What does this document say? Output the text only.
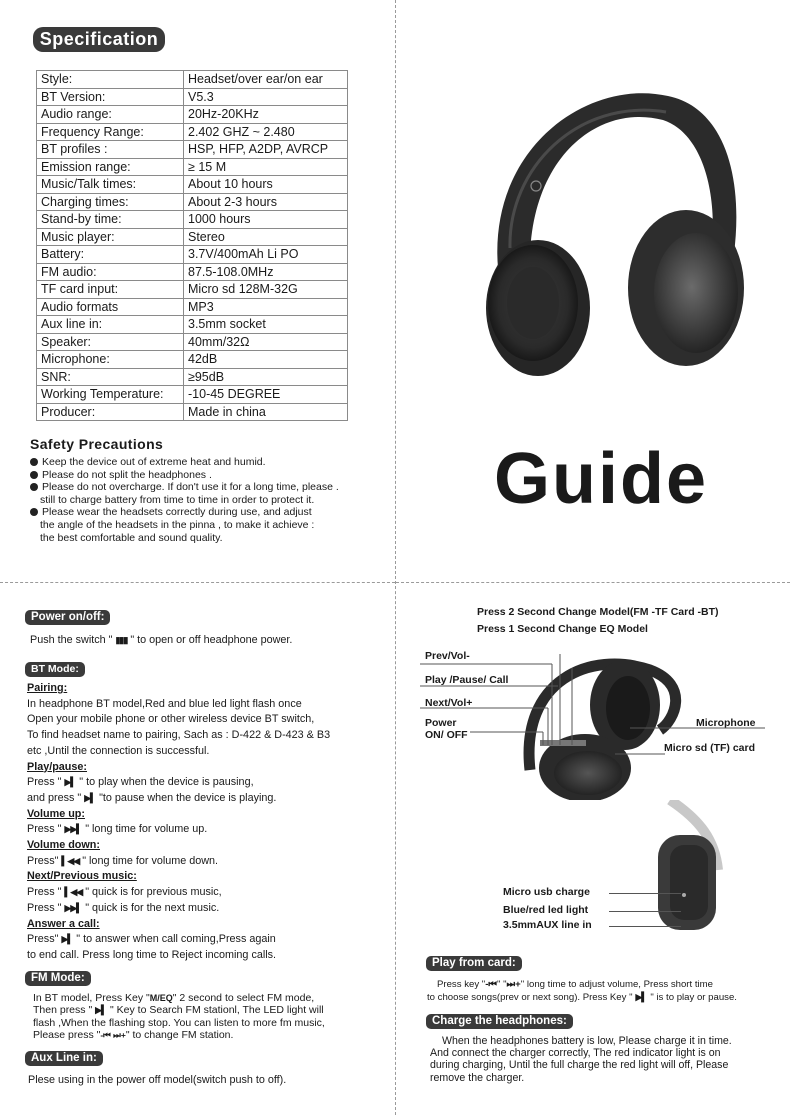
Specification
Style:	Headset/over ear/on ear
BT Version:	V5.3
Audio range:	20Hz-20KHz
Frequency Range:	2.402 GHZ ~ 2.480
BT profiles :	HSP, HFP, A2DP, AVRCP
Emission range:	≥ 15 M
Music/Talk times:	About 10 hours
Charging times:	About 2-3 hours
Stand-by time:	1000 hours
Music player:	Stereo
Battery:	3.7V/400mAh Li PO
FM audio:	87.5-108.0MHz
TF card input:	Micro sd 128M-32G
Audio formats	MP3
Aux line in:	3.5mm socket
Speaker:	40mm/32Ω
Microphone:	42dB
SNR:	≥95dB
Working Temperature:	-10-45 DEGREE
Producer:	Made in china
Safety Precautions
Keep the device out of extreme heat and humid.
Please do not split the headphones .
Please do not overcharge. If don't use it for a long time, please .
still to charge battery from time to time in order to protect it.
Please wear the headsets correctly during use, and adjust
the angle of the headsets in the pinna , to make it achieve :
the best comfortable and sound quality.
Guide
Power on/off:
Push the switch " ▮▮▮ " to open or off headphone power.
BT Mode:
Pairing:
In headphone BT model,Red and blue led light flash once
Open your mobile phone or other wireless device BT switch,
To find headset name to pairing, Sach as : D-422 & D-423 & B3
etc ,Until the connection is successful.
Play/pause:
Press " ▶▍ " to play when the device is pausing,
and press " ▶▍ "to pause when the device is playing.
Volume up:
Press " ▶▶▍ " long time for volume up.
Volume down:
Press" ▍◀◀ " long time for volume down.
Next/Previous music:
Press " ▍◀◀ " quick is for previous music,
Press " ▶▶▍ " quick is for the next music.
Answer a call:
Press" ▶▍ " to answer when call coming,Press again
to end call. Press long time to Reject incoming calls.
FM Mode:
In BT model, Press Key "M/EQ" 2 second to select FM mode,
Then press " ▶▍ " Key to Search FM stationl, The LED light will
flash ,When the flashing stop. You can listen to more fm music,
Please press "-⏮ ⏭+" to change FM station.
Aux Line in:
Plese using in the power off model(switch push to off).
Press 2 Second Change Model(FM -TF Card -BT)
Press 1 Second Change EQ Model
Prev/Vol-
Play /Pause/ Call
Next/Vol+
Power
ON/ OFF
Microphone
Micro sd (TF) card
Micro usb charge
Blue/red led light
3.5mmAUX line in
Play from card:
Press key "-⏮" "⏭+" long time to adjust volume, Press short time
to choose songs(prev or next song). Press Key " ▶▍ " is to play or pause.
Charge the headphones:
When the headphones battery is low, Please charge it in time.
And connect the charger correctly, The red indicator light is on
during charging, Until the full charge the red light will off, Please
remove the charger.
